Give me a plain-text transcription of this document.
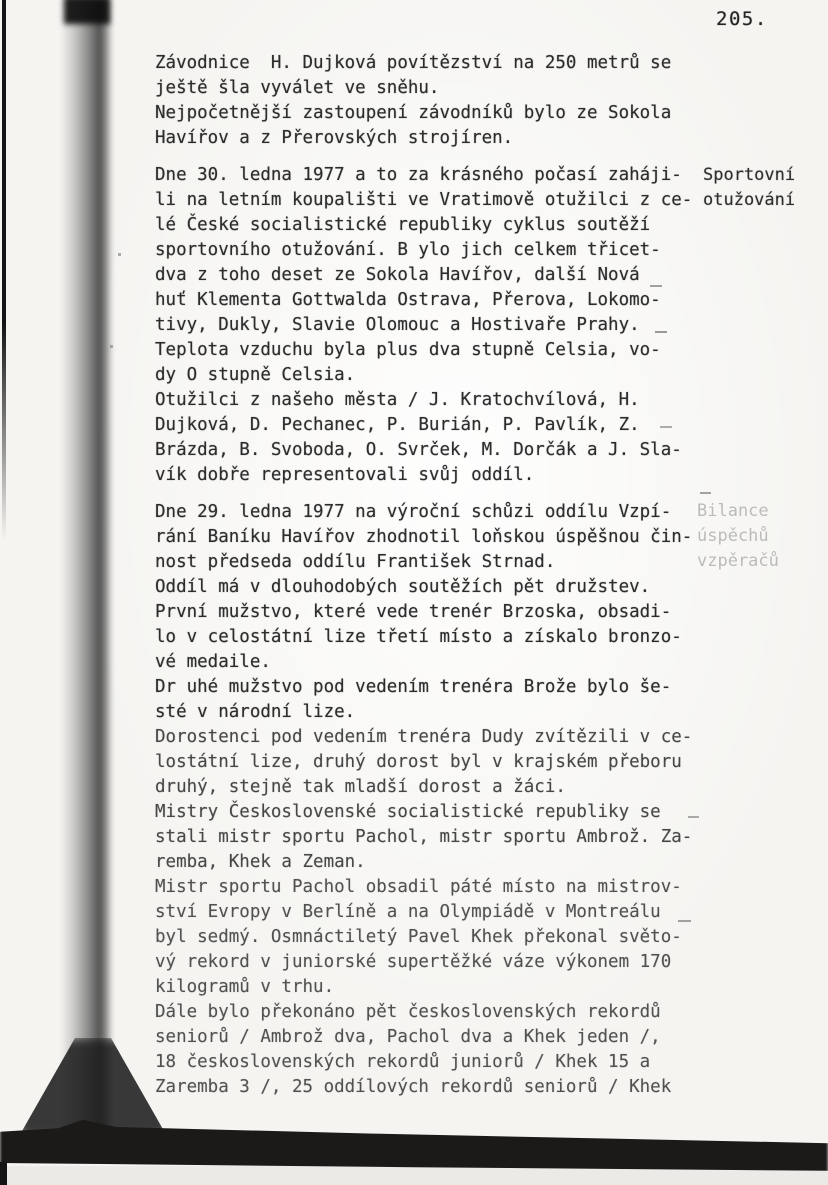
205.

Závodnice  H. Dujková povítězství na 250 metrů se
ještě šla vyválet ve sněhu.
Nejpočetnější zastoupení závodníků bylo ze Sokola
Havířov a z Přerovských strojíren.

Dne 30. ledna 1977 a to za krásného počasí zaháji-
li na letním koupališti ve Vratimově otužilci z ce-
lé České socialistické republiky cyklus soutěží
sportovního otužování. B ylo jich celkem třicet-
dva z toho deset ze Sokola Havířov, další Nová
huť Klementa Gottwalda Ostrava, Přerova, Lokomo-
tivy, Dukly, Slavie Olomouc a Hostivaře Prahy.
Teplota vzduchu byla plus dva stupně Celsia, vo-
dy O stupně Celsia.
Otužilci z našeho města / J. Kratochvílová, H.
Dujková, D. Pechanec, P. Burián, P. Pavlík, Z.
Brázda, B. Svoboda, O. Svrček, M. Dorčák a J. Sla-
vík dobře representovali svůj oddíl.

Dne 29. ledna 1977 na výroční schůzi oddílu Vzpí-
rání Baníku Havířov zhodnotil loňskou úspěšnou čin-
nost předseda oddílu František Strnad.
Oddíl má v dlouhodobých soutěžích pět družstev.
První mužstvo, které vede trenér Brzoska, obsadi-
lo v celostátní lize třetí místo a získalo bronzo-
vé medaile.
Dr uhé mužstvo pod vedením trenéra Brože bylo še-
sté v národní lize.
Dorostenci pod vedením trenéra Dudy zvítězili v ce-
lostátní lize, druhý dorost byl v krajském přeboru
druhý, stejně tak mladší dorost a žáci.
Mistry Československé socialistické republiky se
stali mistr sportu Pachol, mistr sportu Ambrož. Za-
remba, Khek a Zeman.
Mistr sportu Pachol obsadil páté místo na mistrov-
ství Evropy v Berlíně a na Olympiádě v Montreálu
byl sedmý. Osmnáctiletý Pavel Khek překonal světo-
vý rekord v juniorské supertěžké váze výkonem 170
kilogramů v trhu.
Dále bylo překonáno pět československých rekordů
seniorů / Ambrož dva, Pachol dva a Khek jeden /,
18 československých rekordů juniorů / Khek 15 a
Zaremba 3 /, 25 oddílových rekordů seniorů / Khek

Sportovní
otužování
Bilance
úspěchů
vzpěračů
